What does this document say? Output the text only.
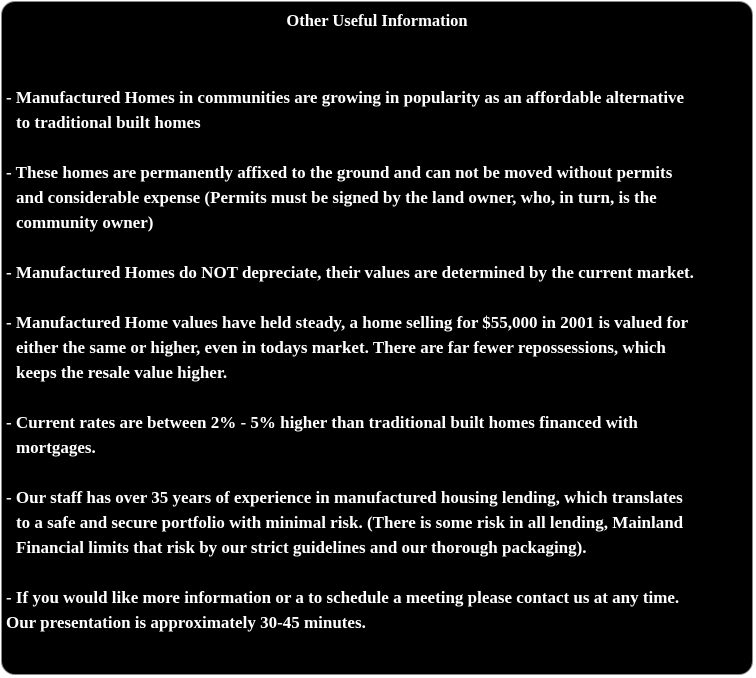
Other Useful Information
- Manufactured Homes in communities are growing in popularity as an affordable alternative
to traditional built homes
- These homes are permanently affixed to the ground and can not be moved without permits
and considerable expense (Permits must be signed by the land owner, who, in turn, is the
community owner)
- Manufactured Homes do NOT depreciate, their values are determined by the current market.
- Manufactured Home values have held steady, a home selling for $55,000 in 2001 is valued for
either the same or higher, even in todays market. There are far fewer repossessions, which
keeps the resale value higher.
- Current rates are between 2% - 5% higher than traditional built homes financed with
mortgages.
- Our staff has over 35 years of experience in manufactured housing lending, which translates
to a safe and secure portfolio with minimal risk. (There is some risk in all lending, Mainland
Financial limits that risk by our strict guidelines and our thorough packaging).
- If you would like more information or a to schedule a meeting please contact us at any time.
Our presentation is approximately 30-45 minutes.
